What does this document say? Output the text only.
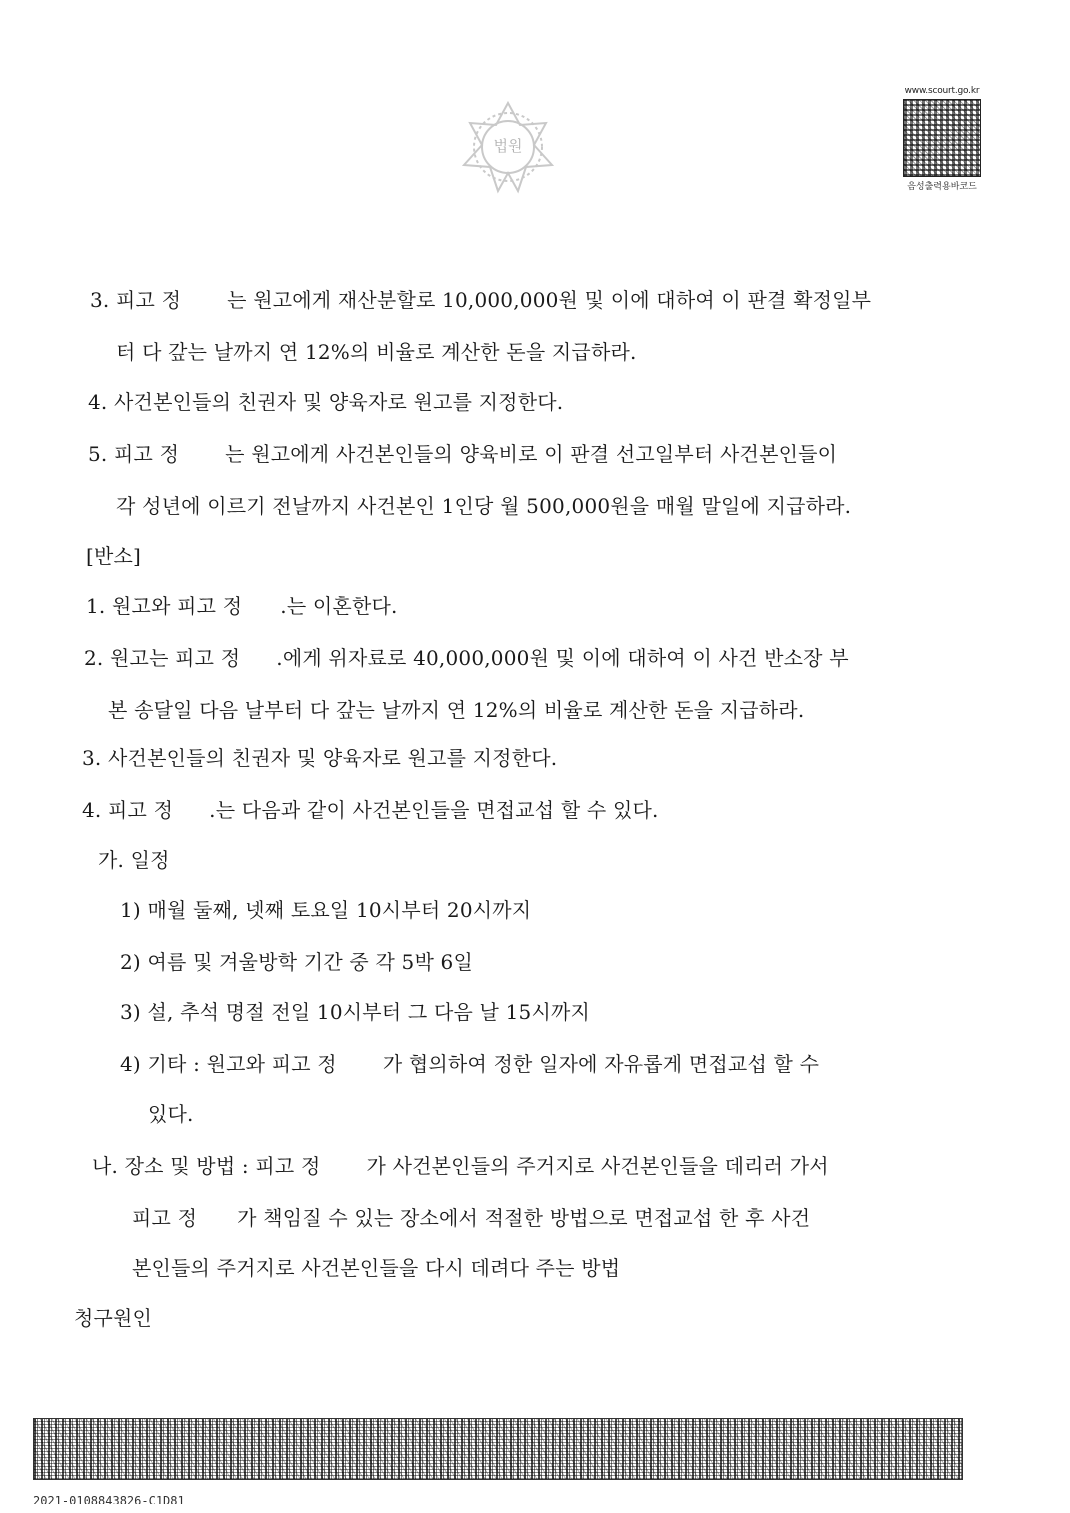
법원
www.scourt.go.kr
음성출력용바코드
3. 피고 정 는 원고에게 재산분할로 10,000,000원 및 이에 대하여 이 판결 확정일부
터 다 갚는 날까지 연 12%의 비율로 계산한 돈을 지급하라.
4. 사건본인들의 친권자 및 양육자로 원고를 지정한다.
5. 피고 정 는 원고에게 사건본인들의 양육비로 이 판결 선고일부터 사건본인들이
각 성년에 이르기 전날까지 사건본인 1인당 월 500,000원을 매월 말일에 지급하라.
[반소]
1. 원고와 피고 정 .는 이혼한다.
2. 원고는 피고 정 .에게 위자료로 40,000,000원 및 이에 대하여 이 사건 반소장 부
본 송달일 다음 날부터 다 갚는 날까지 연 12%의 비율로 계산한 돈을 지급하라.
3. 사건본인들의 친권자 및 양육자로 원고를 지정한다.
4. 피고 정 .는 다음과 같이 사건본인들을 면접교섭 할 수 있다.
가. 일정
1) 매월 둘째, 넷째 토요일 10시부터 20시까지
2) 여름 및 겨울방학 기간 중 각 5박 6일
3) 설, 추석 명절 전일 10시부터 그 다음 날 15시까지
4) 기타 : 원고와 피고 정 가 협의하여 정한 일자에 자유롭게 면접교섭 할 수
있다.
나. 장소 및 방법 : 피고 정 가 사건본인들의 주거지로 사건본인들을 데리러 가서
피고 정 가 책임질 수 있는 장소에서 적절한 방법으로 면접교섭 한 후 사건
본인들의 주거지로 사건본인들을 다시 데려다 주는 방법
청구원인
2021-0108843826-C1D81
